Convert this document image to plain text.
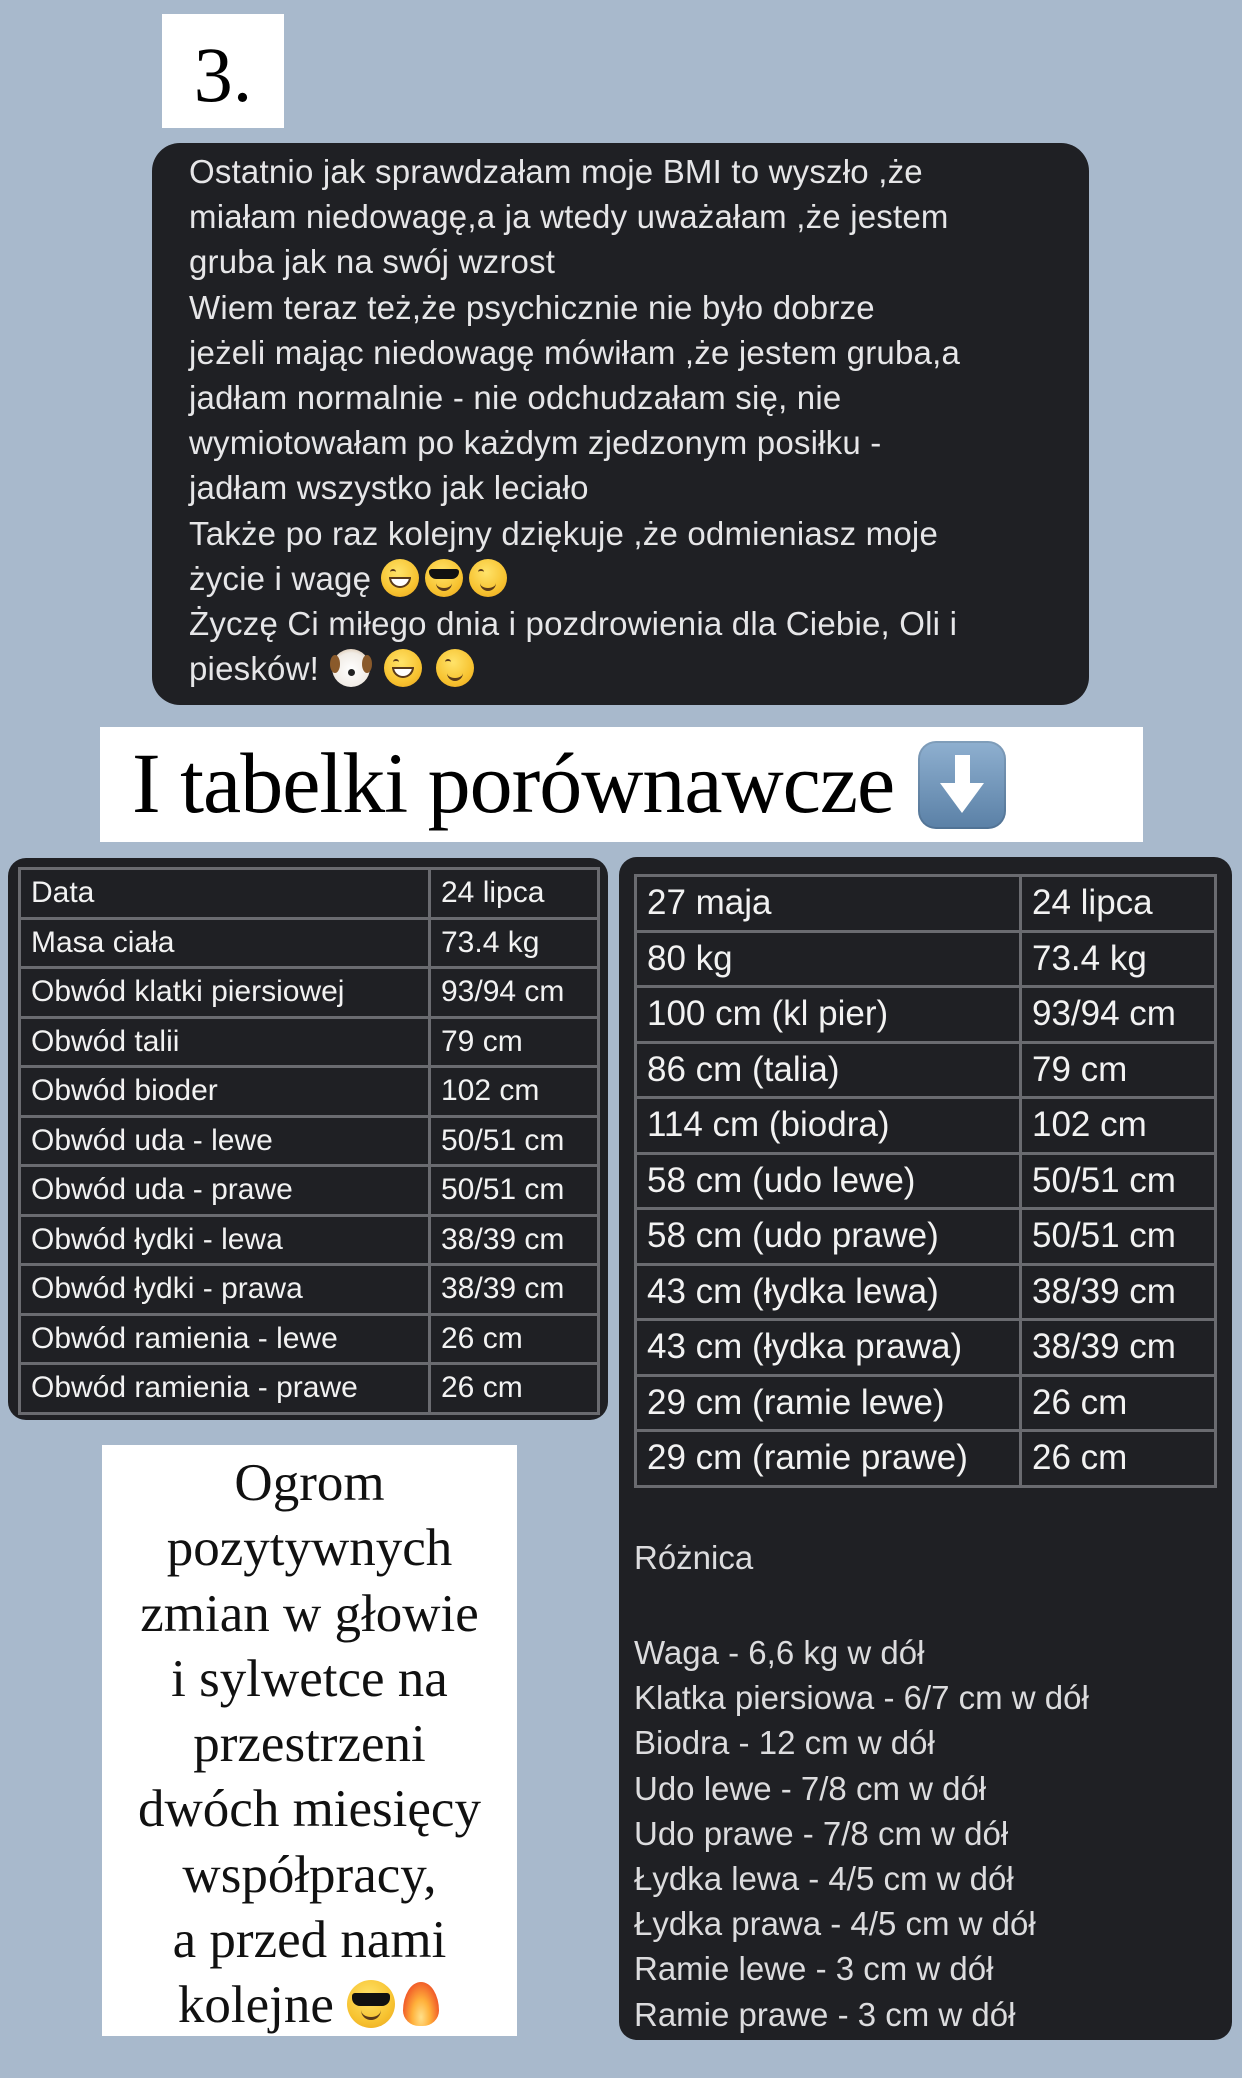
3.

Ostatnio jak sprawdzałam moje BMI to wyszło ,że

miałam niedowagę,a ja wtedy uważałam ,że jestem

gruba jak na swój wzrost

Wiem teraz też,że psychicznie nie było dobrze

jeżeli mając niedowagę mówiłam ,że jestem gruba,a

jadłam normalnie - nie odchudzałam się, nie

wymiotowałam po każdym zjedzonym posiłku -

jadłam wszystko jak leciało

Także po raz kolejny dziękuje ,że odmieniasz moje

życie i wagę

Życzę Ci miłego dnia i pozdrowienia dla Ciebie, Oli i

piesków!

I tabelki porównawcze
Data	24 lipca
Masa ciała	73.4 kg
Obwód klatki piersiowej	93/94 cm
Obwód talii	79 cm
Obwód bioder	102 cm
Obwód uda - lewe	50/51 cm
Obwód uda - prawe	50/51 cm
Obwód łydki - lewa	38/39 cm
Obwód łydki - prawa	38/39 cm
Obwód ramienia - lewe	26 cm
Obwód ramienia - prawe	26 cm
27 maja	24 lipca
80 kg	73.4 kg
100 cm (kl pier)	93/94 cm
86 cm (talia)	79 cm
114 cm (biodra)	102 cm
58 cm (udo lewe)	50/51 cm
58 cm (udo prawe)	50/51 cm
43 cm (łydka lewa)	38/39 cm
43 cm (łydka prawa)	38/39 cm
29 cm (ramie lewe)	26 cm
29 cm (ramie prawe)	26 cm
Różnica
Waga - 6,6 kg w dół
Klatka piersiowa - 6/7 cm w dół
Biodra - 12 cm w dół
Udo lewe - 7/8 cm w dół
Udo prawe - 7/8 cm w dół
Łydka lewa - 4/5 cm w dół
Łydka prawa - 4/5 cm w dół
Ramie lewe - 3 cm w dół
Ramie prawe - 3 cm w dół
Ogrom
pozytywnych
zmian w głowie
i sylwetce na
przestrzeni
dwóch miesięcy
współpracy,
a przed nami
kolejne
